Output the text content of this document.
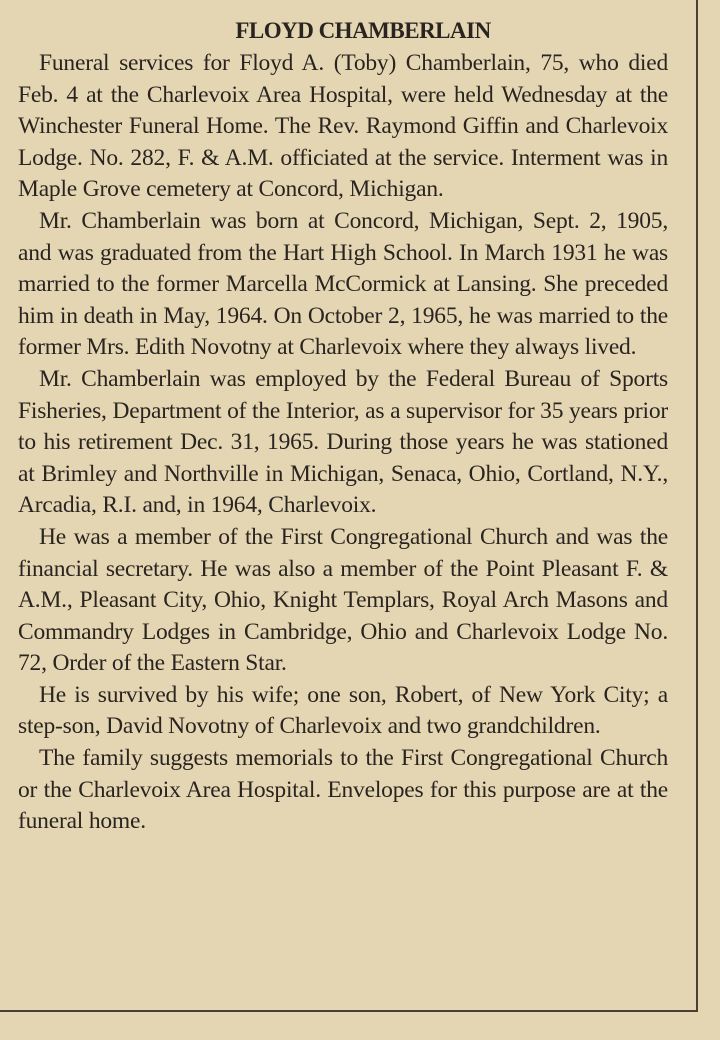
FLOYD CHAMBERLAIN

Funeral services for Floyd A. (Toby) Chamberlain, 75, who died Feb. 4 at the Charlevoix Area Hospital, were held Wednesday at the Winchester Funeral Home. The Rev. Raymond Giffin and Charlevoix Lodge. No. 282, F. & A.M. officiated at the service. Interment was in Maple Grove cemetery at Concord, Michigan.

Mr. Chamberlain was born at Concord, Michigan, Sept. 2, 1905, and was graduated from the Hart High School. In March 1931 he was married to the former Marcella McCormick at Lansing. She preceded him in death in May, 1964. On October 2, 1965, he was married to the former Mrs. Edith Novotny at Charlevoix where they always lived.

Mr. Chamberlain was employed by the Federal Bureau of Sports Fisheries, Department of the Interior, as a supervisor for 35 years prior to his retirement Dec. 31, 1965. During those years he was stationed at Brimley and Northville in Michigan, Senaca, Ohio, Cortland, N.Y., Arcadia, R.I. and, in 1964, Charlevoix.

He was a member of the First Congregational Church and was the financial secretary. He was also a member of the Point Pleasant F. & A.M., Pleasant City, Ohio, Knight Templars, Royal Arch Masons and Commandry Lodges in Cambridge, Ohio and Charlevoix Lodge No. 72, Order of the Eastern Star.

He is survived by his wife; one son, Robert, of New York City; a step-son, David Novotny of Charlevoix and two grandchildren.

The family suggests memorials to the First Congregational Church or the Charlevoix Area Hospital. Envelopes for this purpose are at the funeral home.
